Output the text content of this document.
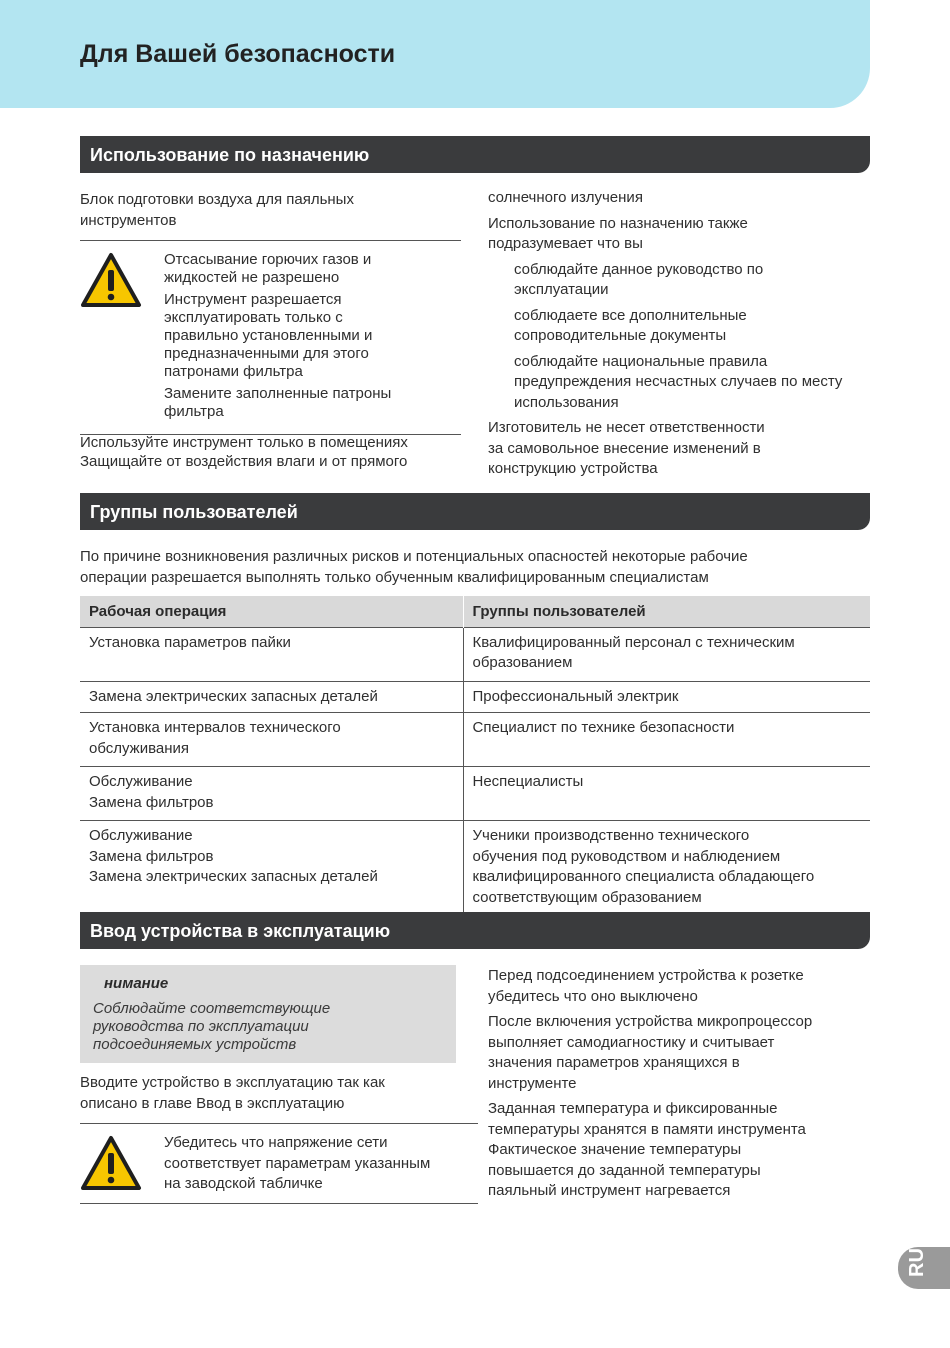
Для Вашей безопасности
Использование по назначению
Блок подготовки воздуха для паяльных
инструментов

Отсасывание горючих газов и
жидкостей не разрешено

Инструмент разрешается
эксплуатировать только с
правильно установленными и
предназначенными для этого
патронами фильтра

Замените заполненные патроны
фильтра

Используйте инструмент только в помещениях
Защищайте от воздействия влаги и от прямого
солнечного излучения
Использование по назначению также
подразумевает что вы
соблюдайте данное руководство по
эксплуатации
соблюдаете все дополнительные
сопроводительные документы
соблюдайте национальные правила
предупреждения несчастных случаев по месту
использования
Изготовитель не несет ответственности
за самовольное внесение изменений в
конструкцию устройства
Группы пользователей
По причине возникновения различных рисков и потенциальных опасностей некоторые рабочие
операции разрешается выполнять только обученным квалифицированным специалистам
Рабочая операция	Группы пользователей

Установка параметров пайки	Квалифицированный персонал с техническим
образованием

Замена электрических запасных деталей	Профессиональный электрик

Установка интервалов технического
обслуживания	Специалист по технике безопасности

Обслуживание
Замена фильтров	Неспециалисты

Обслуживание
Замена фильтров
Замена электрических запасных деталей	Ученики производственно технического
обучения под руководством и наблюдением
квалифицированного специалиста обладающего
соответствующим образованием
Ввод устройства в эксплуатацию
нимание
Соблюдайте соответствующие
руководства по эксплуатации
подсоединяемых устройств
Вводите устройство в эксплуатацию так как
описано в главе Ввод в эксплуатацию
Убедитесь что напряжение сети
соответствует параметрам указанным
на заводской табличке
Перед подсоединением устройства к розетке
убедитесь что оно выключено
После включения устройства микропроцессор
выполняет самодиагностику и считывает
значения параметров хранящихся в
инструменте
Заданная температура и фиксированные
температуры хранятся в памяти инструмента
Фактическое значение температуры
повышается до заданной температуры
паяльный инструмент нагревается
RU
